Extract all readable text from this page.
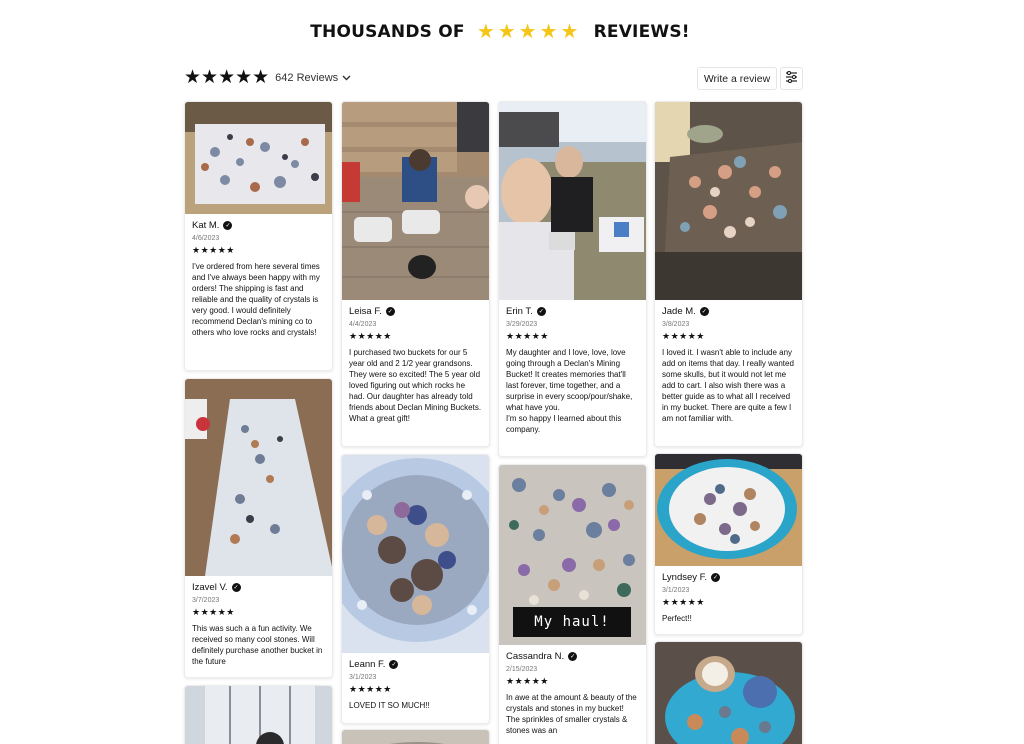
THOUSANDS OF ★★★★★ REVIEWS!
★★★★★ 642 Reviews	Write a review
Kat M. ✓
4/6/2023
★★★★★
I've ordered from here several times and I've always been happy with my orders! The shipping is fast and reliable and the quality of crystals is very good. I would definitely recommend Declan's mining co to others who love rocks and crystals!
Izavel V. ✓
3/7/2023
★★★★★
This was such a a fun activity. We received so many cool stones. Will definitely purchase another bucket in the future
Leisa F. ✓
4/4/2023
★★★★★
I purchased two buckets for our 5 year old and 2 1/2 year grandsons. They were so excited! The 5 year old loved figuring out which rocks he had. Our daughter has already told friends about Declan Mining Buckets. What a great gift!
Leann F. ✓
3/1/2023
★★★★★
LOVED IT SO MUCH!!
Erin T. ✓
3/29/2023
★★★★★
My daughter and I love, love, love going through a Declan's Mining Bucket! It creates memories that'll last forever, time together, and a surprise in every scoop/pour/shake, what have you.
I'm so happy I learned about this company.
My haul!
Cassandra N. ✓
2/15/2023
★★★★★
In awe at the amount & beauty of the crystals and stones in my bucket! The sprinkles of smaller crystals & stones was an
Jade M. ✓
3/8/2023
★★★★★
I loved it. I wasn't able to include any add on items that day. I really wanted some skulls, but it would not let me add to cart. I also wish there was a better guide as to what all I received in my bucket. There are quite a few I am not familiar with.
Lyndsey F. ✓
3/1/2023
★★★★★
Perfect!!
